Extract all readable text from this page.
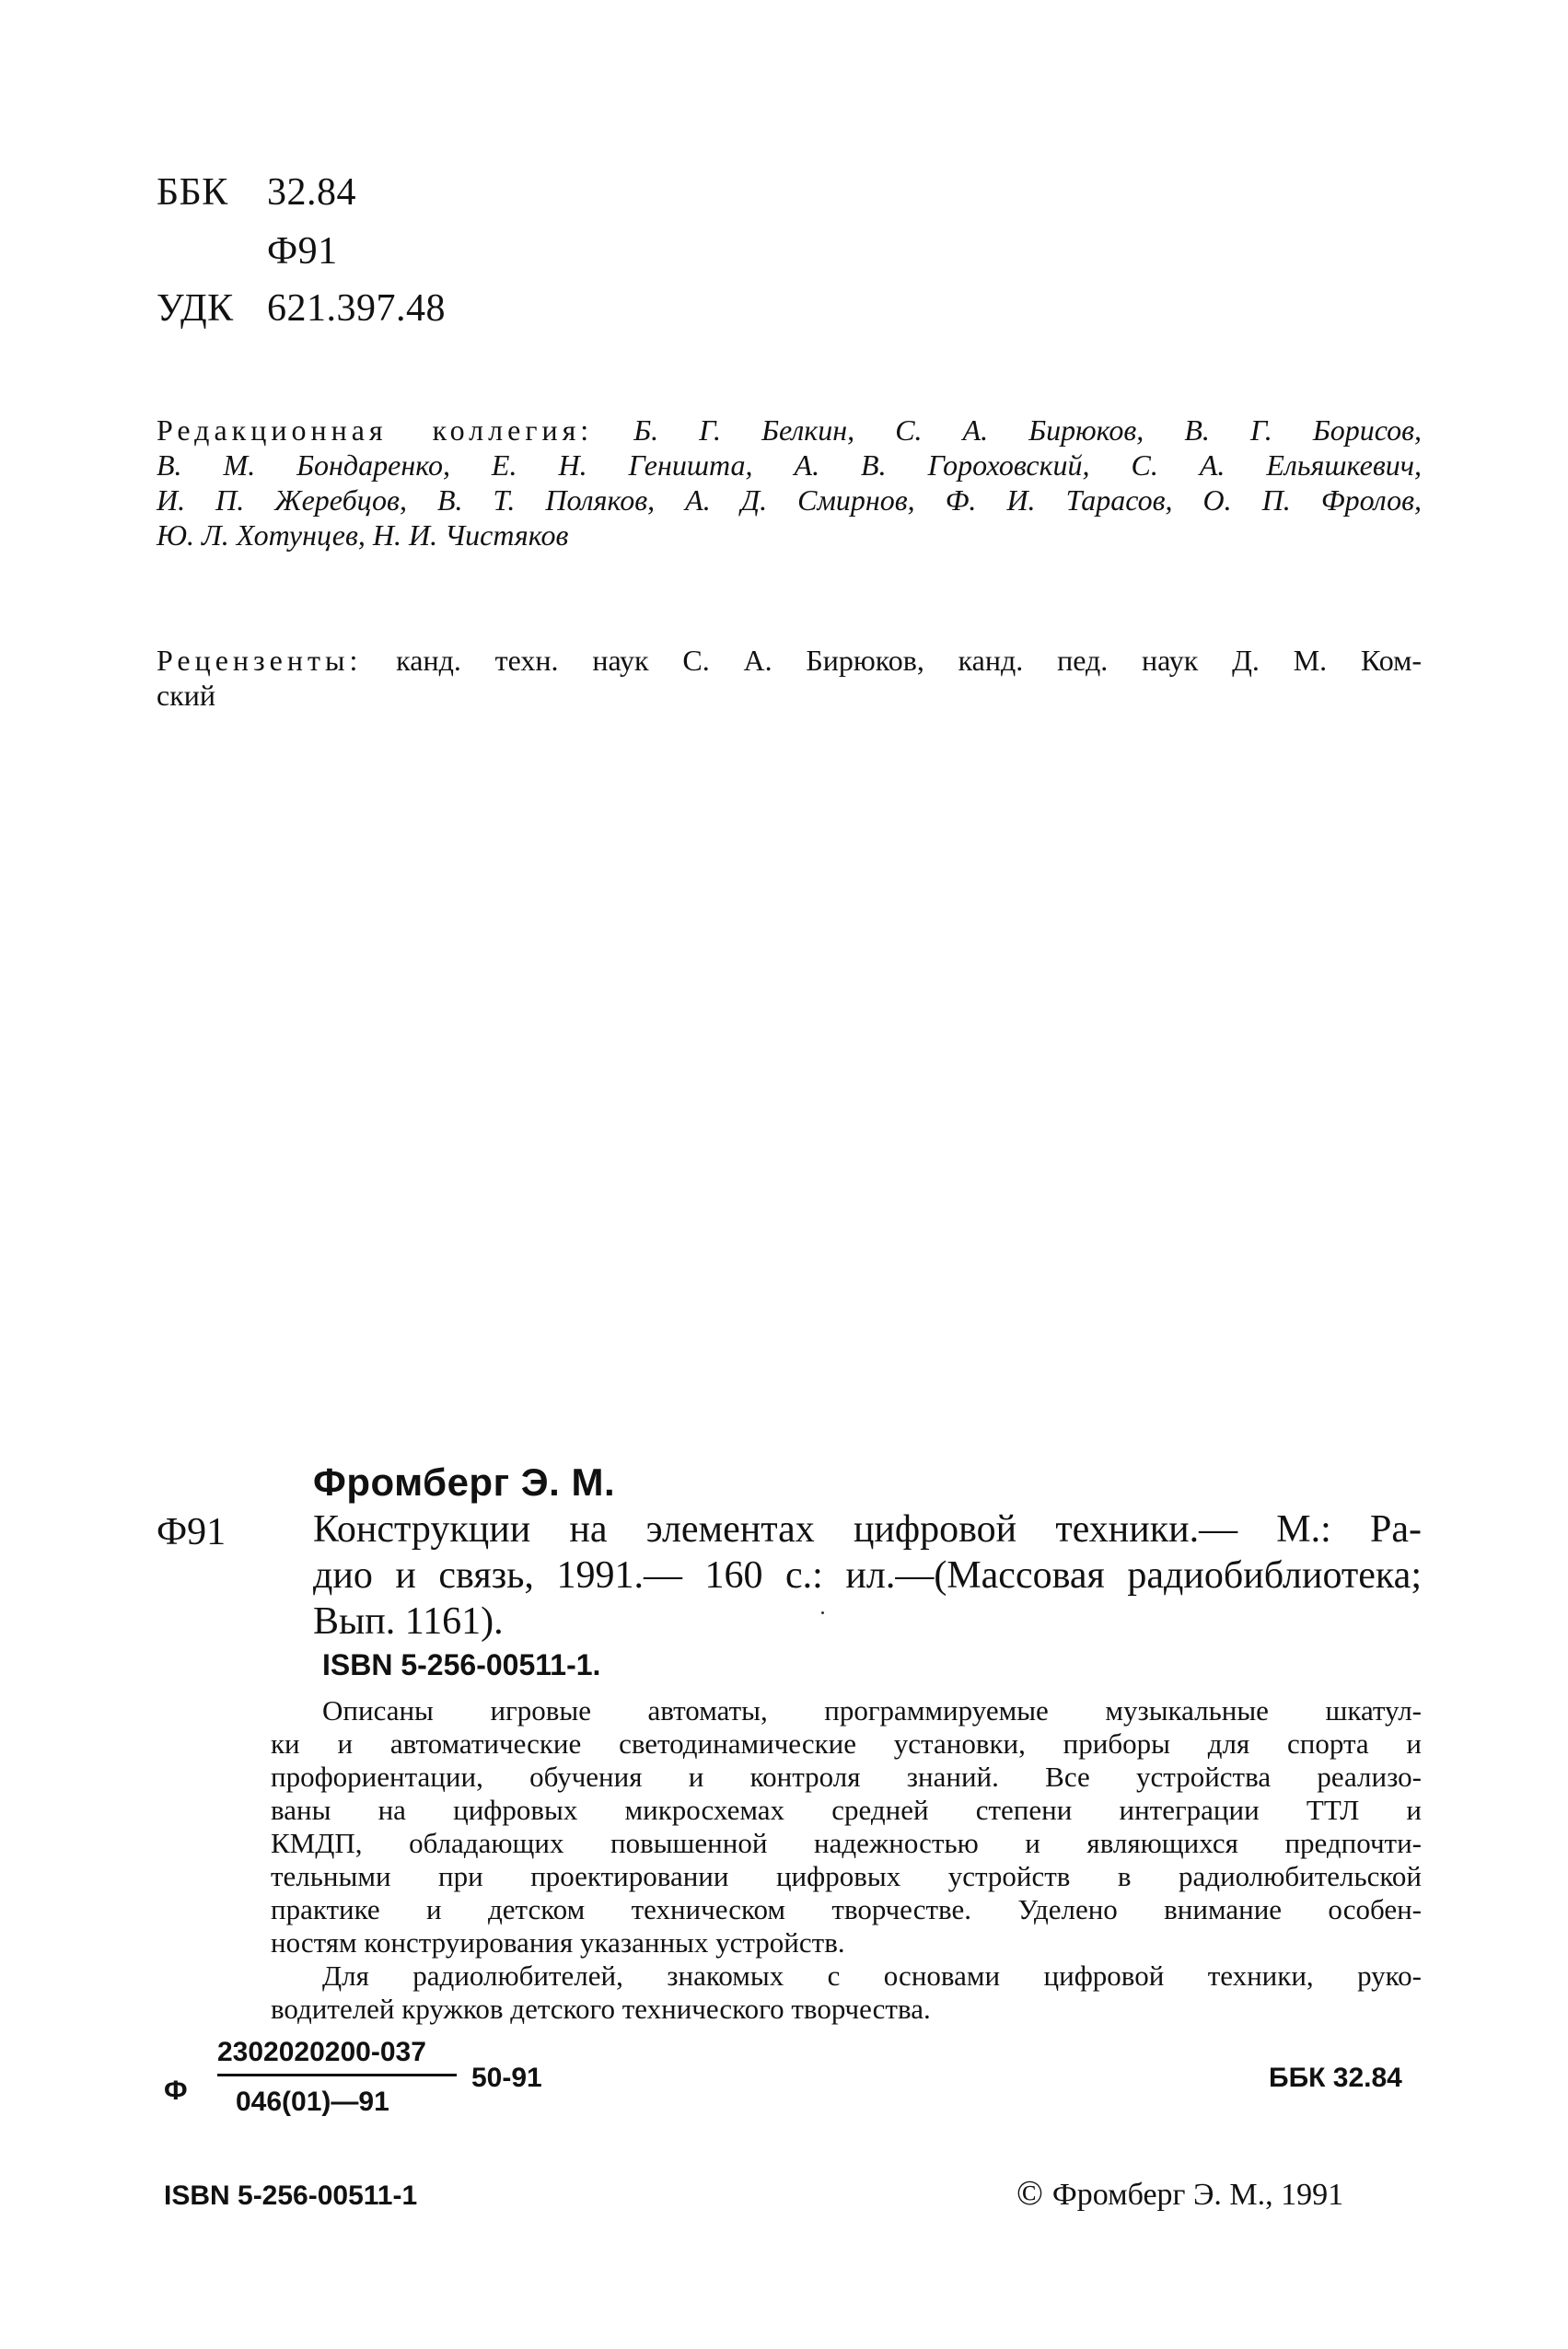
ББК 32.84
Ф91
УДК 621.397.48
Редакционная коллегия: Б. Г. Белкин, С. А. Бирюков, В. Г. Борисов,
В. М. Бондаренко, Е. Н. Геништа, А. В. Гороховский, С. А. Ельяшкевич,
И. П. Жеребцов, В. Т. Поляков, А. Д. Смирнов, Ф. И. Тарасов, О. П. Фролов,
Ю. Л. Хотунцев, Н. И. Чистяков
Рецензенты: канд. техн. наук С. А. Бирюков, канд. пед. наук Д. М. Ком-
ский
Фромберг Э. М.
Ф91 Конструкции на элементах цифровой техники.— М.: Ра-
дио и связь, 1991.— 160 с.: ил.—(Массовая радиобиблиотека;
Вып. 1161).
ISBN 5-256-00511-1.
Описаны игровые автоматы, программируемые музыкальные шкатул-
ки и автоматические светодинамические установки, приборы для спорта и
профориентации, обучения и контроля знаний. Все устройства реализо-
ваны на цифровых микросхемах средней степени интеграции ТТЛ и
КМДП, обладающих повышенной надежностью и являющихся предпочти-
тельными при проектировании цифровых устройств в радиолюбительской
практике и детском техническом творчестве. Уделено внимание особен-
ностям конструирования указанных устройств.
Для радиолюбителей, знакомых с основами цифровой техники, руко-
водителей кружков детского технического творчества.
Ф
2302020200-037
046(01)—91
50-91	ББК 32.84
ISBN 5-256-00511-1	© Фромберг Э. М., 1991
